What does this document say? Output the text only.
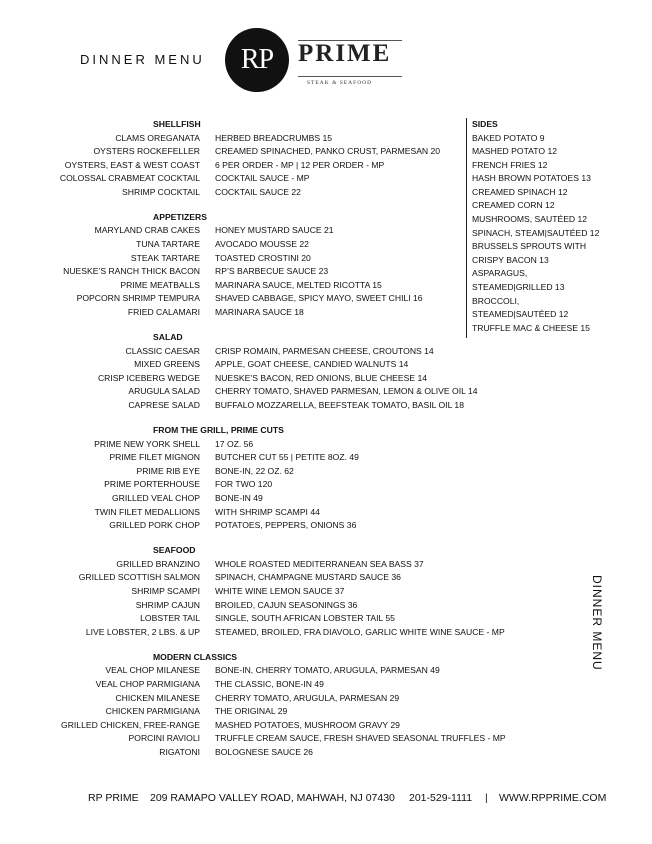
DINNER MENU RP PRIME
STEAK & SEAFOOD
SHELLFISH
CLAMS OREGANATA HERBED BREADCRUMBS 15
OYSTERS ROCKEFELLER CREAMED SPINACHED, PANKO CRUST, PARMESAN 20
OYSTERS, EAST & WEST COAST 6 PER ORDER - MP | 12 PER ORDER - MP
COLOSSAL CRABMEAT COCKTAIL COCKTAIL SAUCE - MP
SHRIMP COCKTAIL COCKTAIL SAUCE 22
APPETIZERS
MARYLAND CRAB CAKES HONEY MUSTARD SAUCE 21
TUNA TARTARE AVOCADO MOUSSE 22
STEAK TARTARE TOASTED CROSTINI 20
NUESKE’S RANCH THICK BACON RP’S BARBECUE SAUCE 23
PRIME MEATBALLS MARINARA SAUCE, MELTED RICOTTA 15
POPCORN SHRIMP TEMPURA SHAVED CABBAGE, SPICY MAYO, SWEET CHILI 16
FRIED CALAMARI MARINARA SAUCE 18
SALAD
CLASSIC CAESAR CRISP ROMAIN, PARMESAN CHEESE, CROUTONS 14
MIXED GREENS APPLE, GOAT CHEESE, CANDIED WALNUTS 14
CRISP ICEBERG WEDGE NUESKE’S BACON, RED ONIONS, BLUE CHEESE 14
ARUGULA SALAD CHERRY TOMATO, SHAVED PARMESAN, LEMON & OLIVE OIL 14
CAPRESE SALAD BUFFALO MOZZARELLA, BEEFSTEAK TOMATO, BASIL OIL 18
FROM THE GRILL, PRIME CUTS
PRIME NEW YORK SHELL 17 OZ. 56
PRIME FILET MIGNON BUTCHER CUT 55 | PETITE 8OZ. 49
PRIME RIB EYE BONE-IN, 22 OZ. 62
PRIME PORTERHOUSE FOR TWO 120
GRILLED VEAL CHOP BONE-IN 49
TWIN FILET MEDALLIONS WITH SHRIMP SCAMPI 44
GRILLED PORK CHOP POTATOES, PEPPERS, ONIONS 36
SEAFOOD
GRILLED BRANZINO WHOLE ROASTED MEDITERRANEAN SEA BASS 37
GRILLED SCOTTISH SALMON SPINACH, CHAMPAGNE MUSTARD SAUCE 36
SHRIMP SCAMPI WHITE WINE LEMON SAUCE 37
SHRIMP CAJUN BROILED, CAJUN SEASONINGS 36
LOBSTER TAIL SINGLE, SOUTH AFRICAN LOBSTER TAIL 55
LIVE LOBSTER, 2 LBS. & UP STEAMED, BROILED, FRA DIAVOLO, GARLIC WHITE WINE SAUCE - MP
MODERN CLASSICS
VEAL CHOP MILANESE BONE-IN, CHERRY TOMATO, ARUGULA, PARMESAN 49
VEAL CHOP PARMIGIANA THE CLASSIC, BONE-IN 49
CHICKEN MILANESE CHERRY TOMATO, ARUGULA, PARMESAN 29
CHICKEN PARMIGIANA THE ORIGINAL 29
GRILLED CHICKEN, FREE-RANGE MASHED POTATOES, MUSHROOM GRAVY 29
PORCINI RAVIOLI TRUFFLE CREAM SAUCE, FRESH SHAVED SEASONAL TRUFFLES - MP
RIGATONI BOLOGNESE SAUCE 26
SIDES
BAKED POTATO 9
MASHED POTATO 12
FRENCH FRIES 12
HASH BROWN POTATOES 13
CREAMED SPINACH 12
CREAMED CORN 12
MUSHROOMS, SAUTÉED 12
SPINACH, STEAM|SAUTÉED 12
BRUSSELS SPROUTS WITH
CRISPY BACON 13
ASPARAGUS,
STEAMED|GRILLED 13
BROCCOLI,
STEAMED|SAUTÉED 12
TRUFFLE MAC & CHEESE 15
DINNER MENU
RP PRIME 209 RAMAPO VALLEY ROAD, MAHWAH, NJ 07430 201-529-1111 | WWW.RPPRIME.COM
